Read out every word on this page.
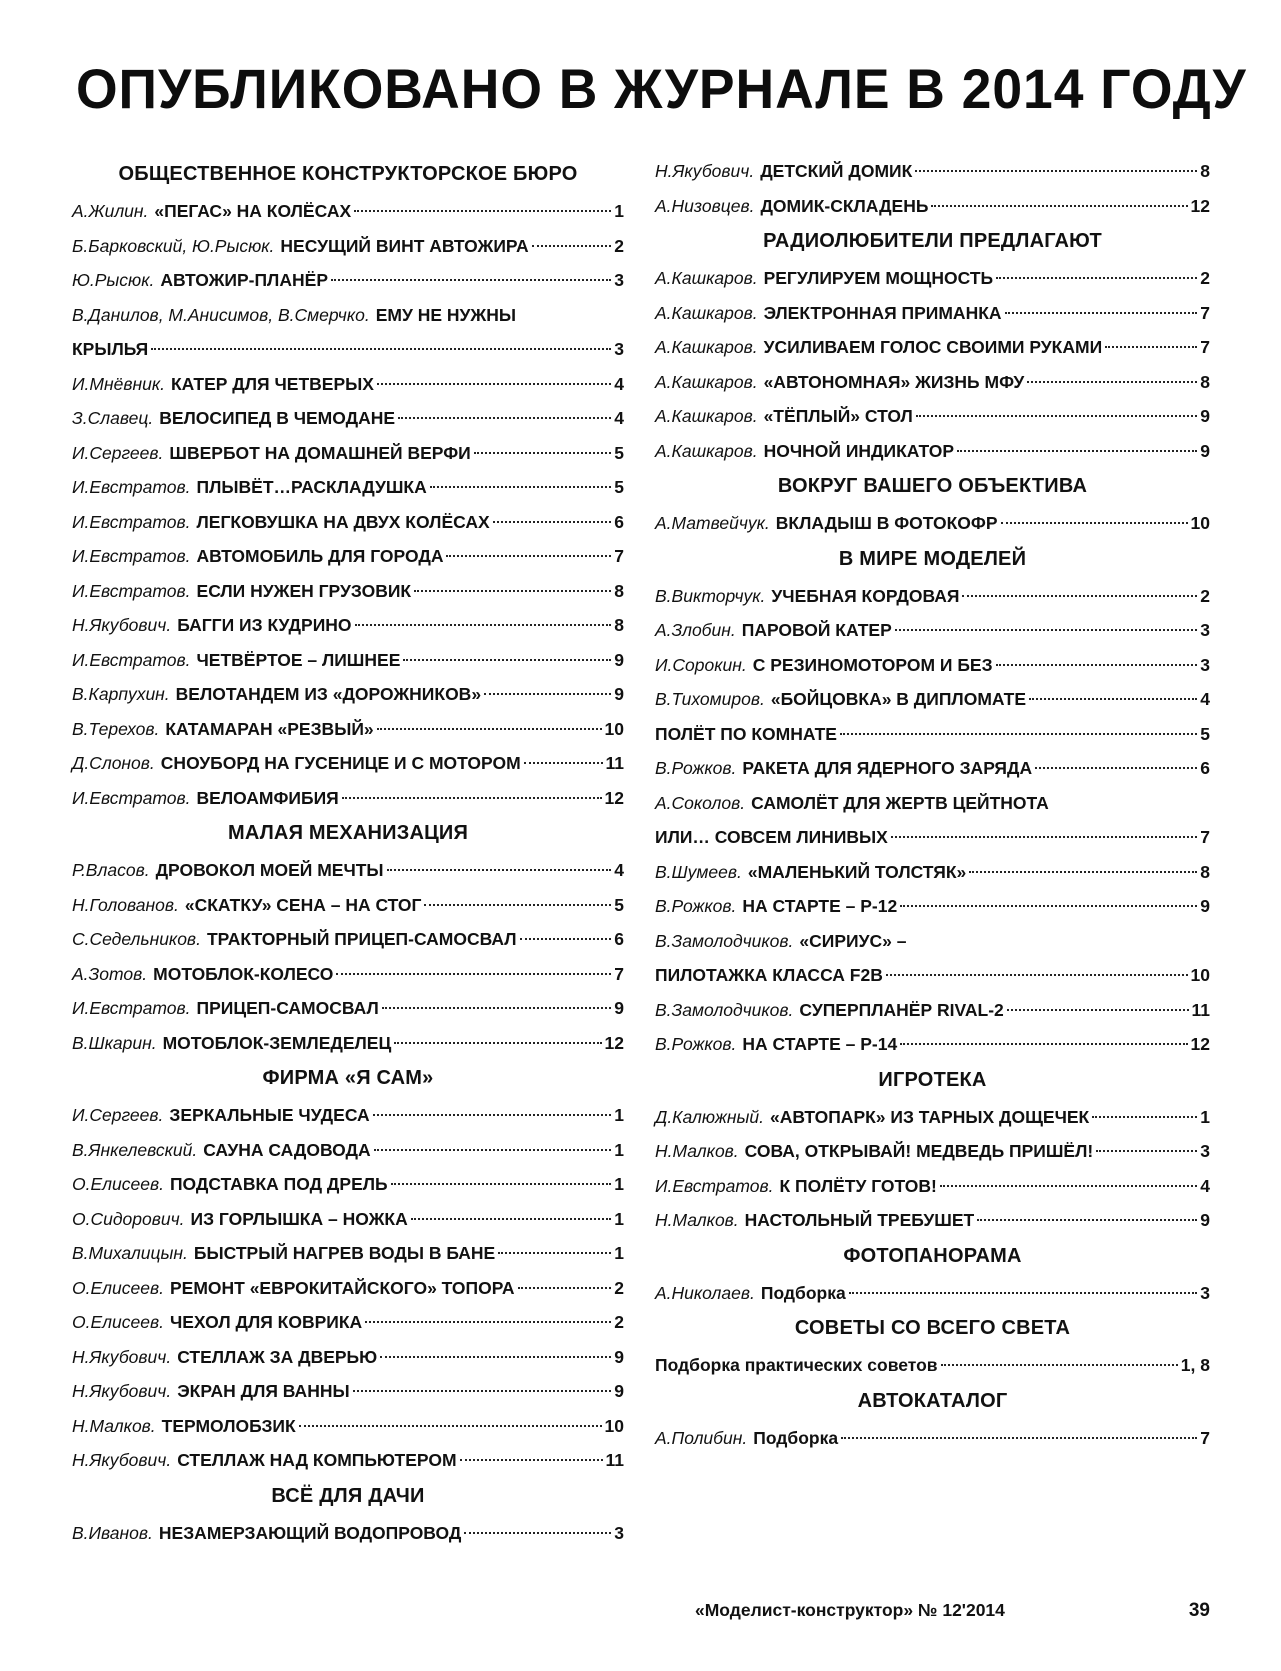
ОПУБЛИКОВАНО В ЖУРНАЛЕ В 2014 ГОДУ
ОБЩЕСТВЕННОЕ КОНСТРУКТОРСКОЕ БЮРО
А.Жилин. «ПЕГАС» НА КОЛЁСАХ	1
Б.Барковский, Ю.Рысюк. НЕСУЩИЙ ВИНТ АВТОЖИРА	2
Ю.Рысюк. АВТОЖИР-ПЛАНЁР	3
В.Данилов, М.Анисимов, В.Смерчко. ЕМУ НЕ НУЖНЫ
КРЫЛЬЯ	3
И.Мнёвник. КАТЕР ДЛЯ ЧЕТВЕРЫХ	4
З.Славец. ВЕЛОСИПЕД В ЧЕМОДАНЕ	4
И.Сергеев. ШВЕРБОТ НА ДОМАШНЕЙ ВЕРФИ	5
И.Евстратов. ПЛЫВЁТ…РАСКЛАДУШКА	5
И.Евстратов. ЛЕГКОВУШКА НА ДВУХ КОЛЁСАХ	6
И.Евстратов. АВТОМОБИЛЬ ДЛЯ ГОРОДА	7
И.Евстратов. ЕСЛИ НУЖЕН ГРУЗОВИК	8
Н.Якубович. БАГГИ ИЗ КУДРИНО	8
И.Евстратов. ЧЕТВЁРТОЕ – ЛИШНЕЕ	9
В.Карпухин. ВЕЛОТАНДЕМ ИЗ «ДОРОЖНИКОВ»	9
В.Терехов. КАТАМАРАН «РЕЗВЫЙ»	10
Д.Слонов. СНОУБОРД НА ГУСЕНИЦЕ И С МОТОРОМ	11
И.Евстратов. ВЕЛОАМФИБИЯ	12
МАЛАЯ МЕХАНИЗАЦИЯ
Р.Власов. ДРОВОКОЛ МОЕЙ МЕЧТЫ	4
Н.Голованов. «СКАТКУ» СЕНА – НА СТОГ	5
С.Седельников. ТРАКТОРНЫЙ ПРИЦЕП-САМОСВАЛ	6
А.Зотов. МОТОБЛОК-КОЛЕСО	7
И.Евстратов. ПРИЦЕП-САМОСВАЛ	9
В.Шкарин. МОТОБЛОК-ЗЕМЛЕДЕЛЕЦ	12
ФИРМА «Я САМ»
И.Сергеев. ЗЕРКАЛЬНЫЕ ЧУДЕСА	1
В.Янкелевский. САУНА САДОВОДА	1
О.Елисеев. ПОДСТАВКА ПОД ДРЕЛЬ	1
О.Сидорович. ИЗ ГОРЛЫШКА – НОЖКА	1
В.Михалицын. БЫСТРЫЙ НАГРЕВ ВОДЫ В БАНЕ	1
О.Елисеев. РЕМОНТ «ЕВРОКИТАЙСКОГО» ТОПОРА	2
О.Елисеев. ЧЕХОЛ ДЛЯ КОВРИКА	2
Н.Якубович. СТЕЛЛАЖ ЗА ДВЕРЬЮ	9
Н.Якубович. ЭКРАН ДЛЯ ВАННЫ	9
Н.Малков. ТЕРМОЛОБЗИК	10
Н.Якубович. СТЕЛЛАЖ НАД КОМПЬЮТЕРОМ	11
ВСЁ ДЛЯ ДАЧИ
В.Иванов. НЕЗАМЕРЗАЮЩИЙ ВОДОПРОВОД	3
Н.Якубович. ДЕТСКИЙ ДОМИК	8
А.Низовцев. ДОМИК-СКЛАДЕНЬ	12
РАДИОЛЮБИТЕЛИ ПРЕДЛАГАЮТ
А.Кашкаров. РЕГУЛИРУЕМ МОЩНОСТЬ	2
А.Кашкаров. ЭЛЕКТРОННАЯ ПРИМАНКА	7
А.Кашкаров. УСИЛИВАЕМ ГОЛОС СВОИМИ РУКАМИ	7
А.Кашкаров. «АВТОНОМНАЯ» ЖИЗНЬ МФУ	8
А.Кашкаров. «ТЁПЛЫЙ» СТОЛ	9
А.Кашкаров. НОЧНОЙ ИНДИКАТОР	9
ВОКРУГ ВАШЕГО ОБЪЕКТИВА
А.Матвейчук. ВКЛАДЫШ В ФОТОКОФР	10
В МИРЕ МОДЕЛЕЙ
В.Викторчук. УЧЕБНАЯ КОРДОВАЯ	2
А.Злобин. ПАРОВОЙ КАТЕР	3
И.Сорокин. С РЕЗИНОМОТОРОМ И БЕЗ	3
В.Тихомиров. «БОЙЦОВКА» В ДИПЛОМАТЕ	4
ПОЛЁТ ПО КОМНАТЕ	5
В.Рожков. РАКЕТА ДЛЯ ЯДЕРНОГО ЗАРЯДА	6
А.Соколов. САМОЛЁТ ДЛЯ ЖЕРТВ ЦЕЙТНОТА
ИЛИ… СОВСЕМ ЛИНИВЫХ	7
В.Шумеев. «МАЛЕНЬКИЙ ТОЛСТЯК»	8
В.Рожков. НА СТАРТЕ – Р-12	9
В.Замолодчиков. «СИРИУС» –
ПИЛОТАЖКА КЛАССА F2B	10
В.Замолодчиков. СУПЕРПЛАНЁР RIVAL-2	11
В.Рожков. НА СТАРТЕ – Р-14	12
ИГРОТЕКА
Д.Калюжный. «АВТОПАРК» ИЗ ТАРНЫХ ДОЩЕЧЕК	1
Н.Малков. СОВА, ОТКРЫВАЙ! МЕДВЕДЬ ПРИШЁЛ!	3
И.Евстратов. К ПОЛЁТУ ГОТОВ!	4
Н.Малков. НАСТОЛЬНЫЙ ТРЕБУШЕТ	9
ФОТОПАНОРАМА
А.Николаев. Подборка	3
СОВЕТЫ СО ВСЕГО СВЕТА
Подборка практических советов	1, 8
АВТОКАТАЛОГ
А.Полибин. Подборка	7
«Моделист-конструктор» № 12'2014	39
